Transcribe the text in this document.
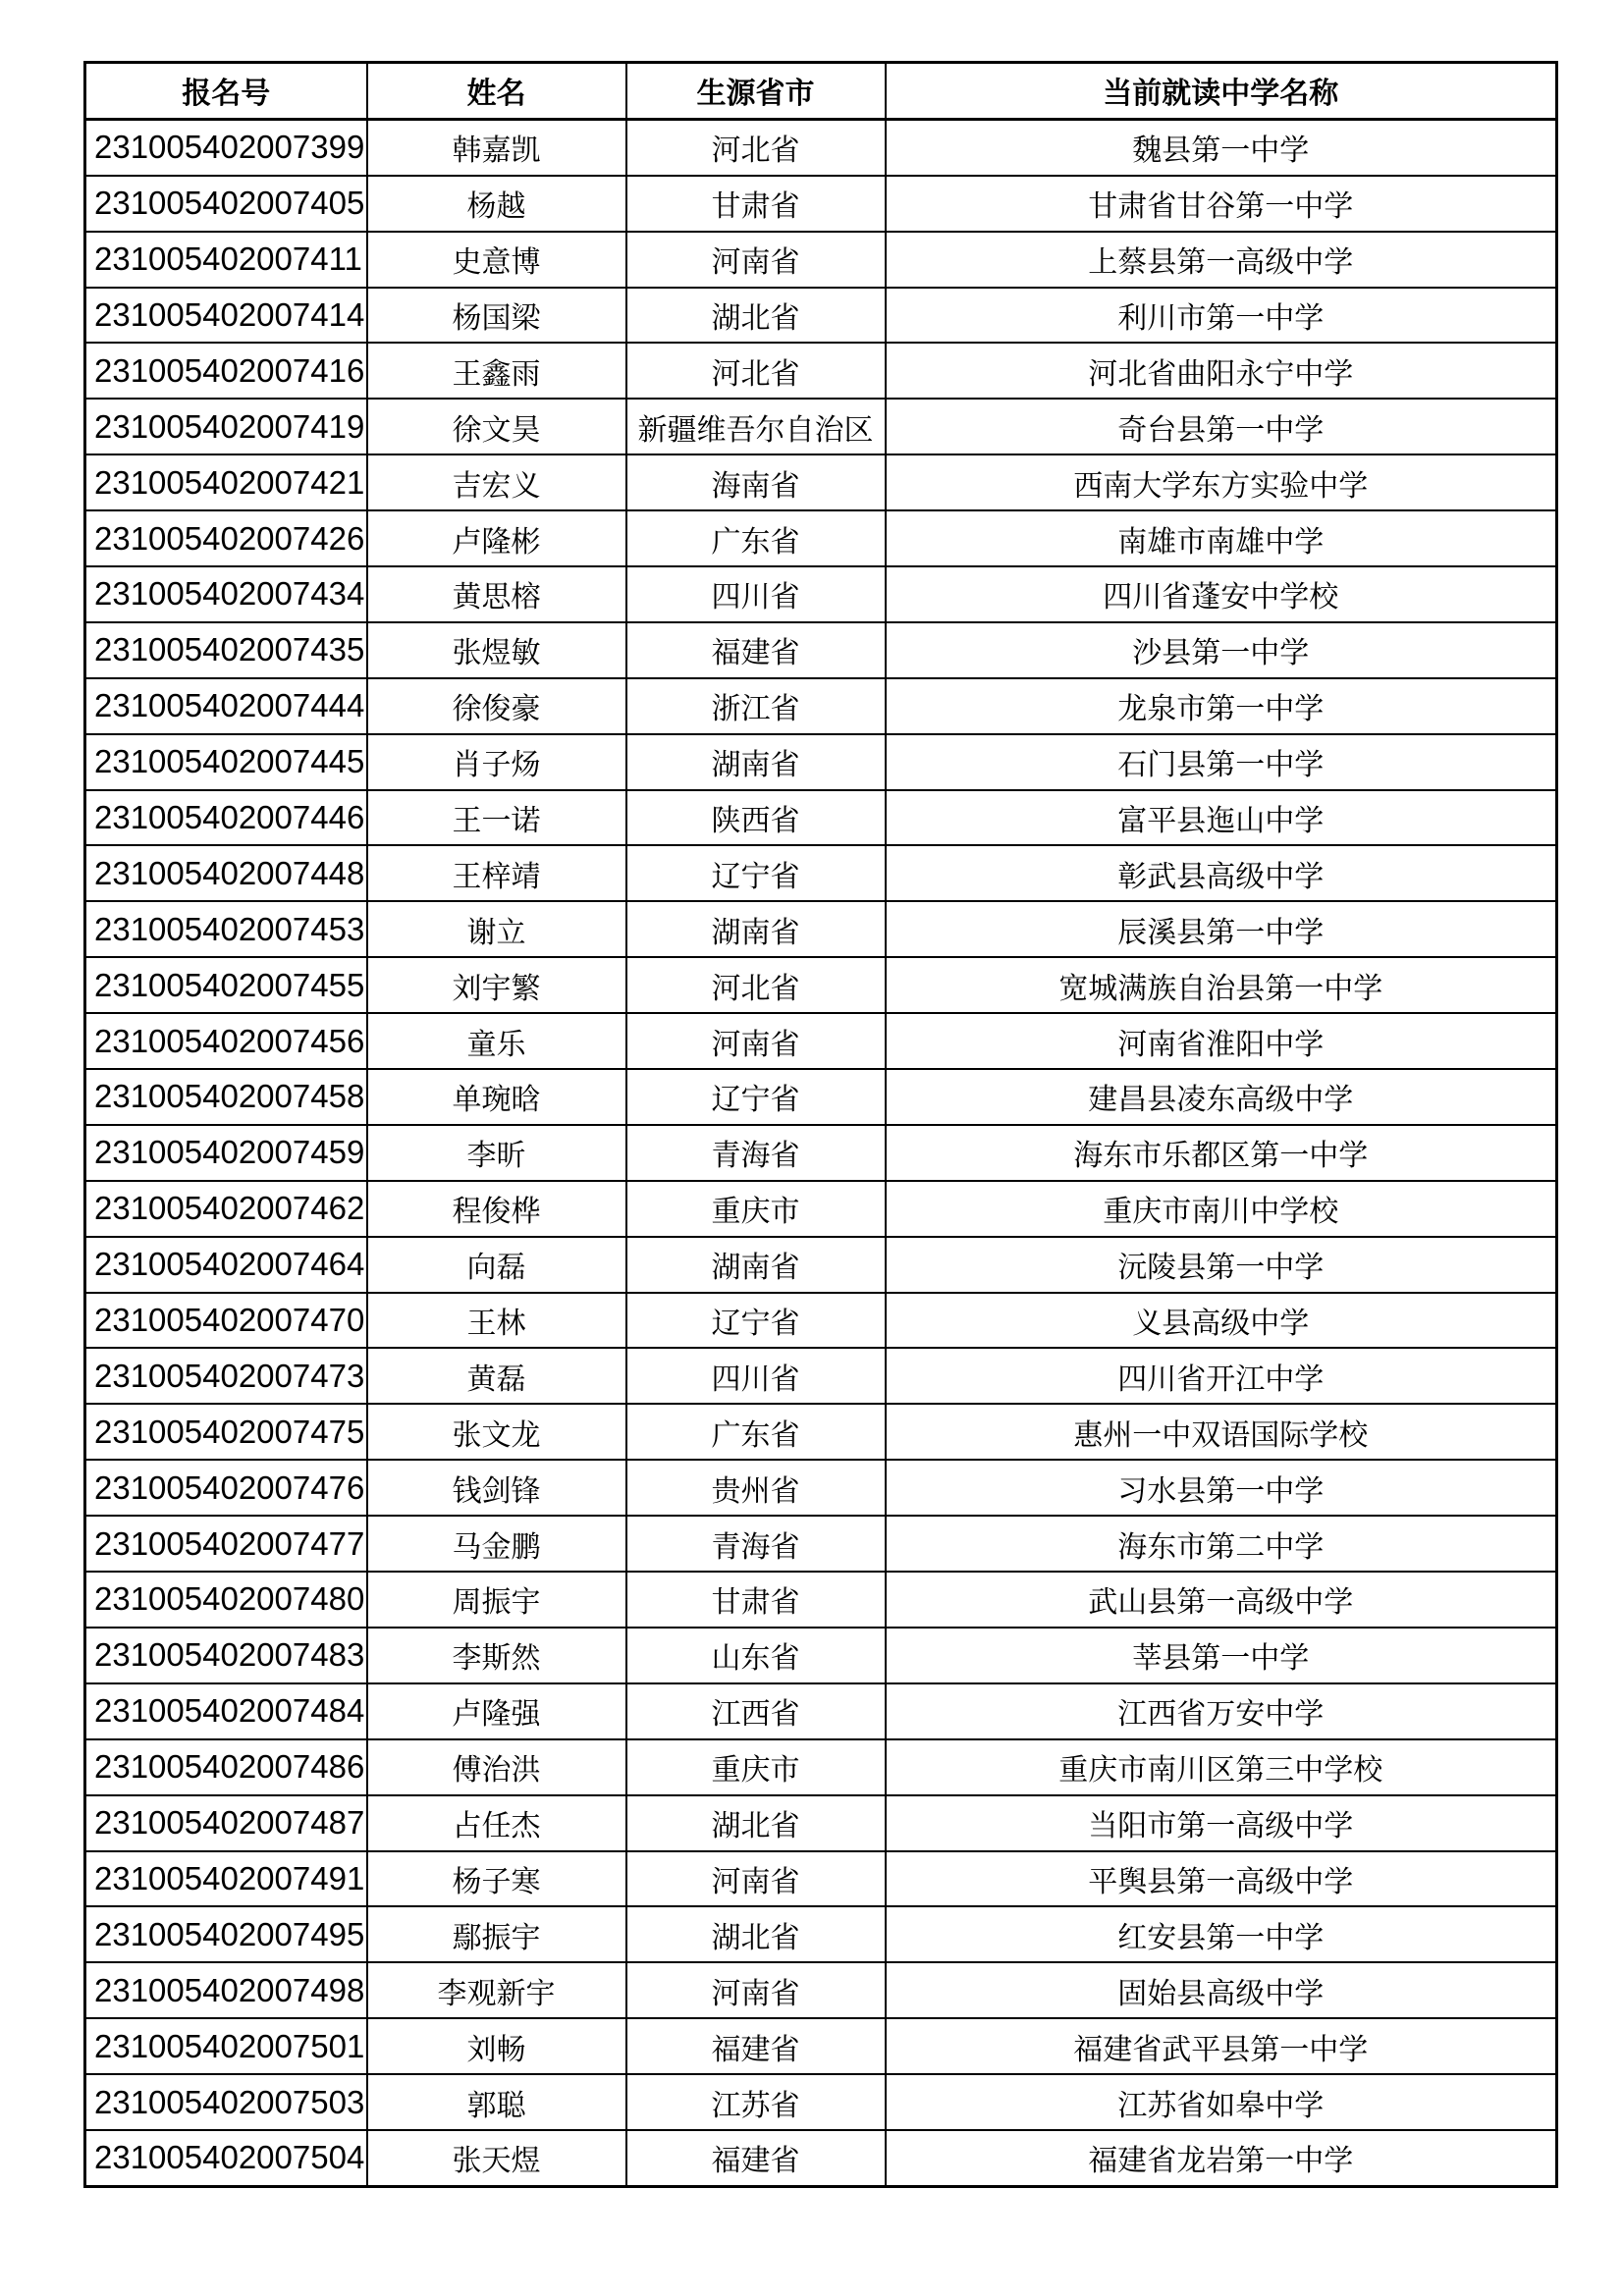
报名号	姓名	生源省市	当前就读中学名称
231005402007399	韩嘉凯	河北省	魏县第一中学
231005402007405	杨越	甘肃省	甘肃省甘谷第一中学
231005402007411	史意博	河南省	上蔡县第一高级中学
231005402007414	杨国梁	湖北省	利川市第一中学
231005402007416	王鑫雨	河北省	河北省曲阳永宁中学
231005402007419	徐文昊	新疆维吾尔自治区	奇台县第一中学
231005402007421	吉宏义	海南省	西南大学东方实验中学
231005402007426	卢隆彬	广东省	南雄市南雄中学
231005402007434	黄思榕	四川省	四川省蓬安中学校
231005402007435	张煜敏	福建省	沙县第一中学
231005402007444	徐俊豪	浙江省	龙泉市第一中学
231005402007445	肖子炀	湖南省	石门县第一中学
231005402007446	王一诺	陕西省	富平县迤山中学
231005402007448	王梓靖	辽宁省	彰武县高级中学
231005402007453	谢立	湖南省	辰溪县第一中学
231005402007455	刘宇繁	河北省	宽城满族自治县第一中学
231005402007456	童乐	河南省	河南省淮阳中学
231005402007458	单琬晗	辽宁省	建昌县凌东高级中学
231005402007459	李昕	青海省	海东市乐都区第一中学
231005402007462	程俊桦	重庆市	重庆市南川中学校
231005402007464	向磊	湖南省	沅陵县第一中学
231005402007470	王林	辽宁省	义县高级中学
231005402007473	黄磊	四川省	四川省开江中学
231005402007475	张文龙	广东省	惠州一中双语国际学校
231005402007476	钱剑锋	贵州省	习水县第一中学
231005402007477	马金鹏	青海省	海东市第二中学
231005402007480	周振宇	甘肃省	武山县第一高级中学
231005402007483	李斯然	山东省	莘县第一中学
231005402007484	卢隆强	江西省	江西省万安中学
231005402007486	傅治洪	重庆市	重庆市南川区第三中学校
231005402007487	占任杰	湖北省	当阳市第一高级中学
231005402007491	杨子寒	河南省	平舆县第一高级中学
231005402007495	鄢振宇	湖北省	红安县第一中学
231005402007498	李观新宇	河南省	固始县高级中学
231005402007501	刘畅	福建省	福建省武平县第一中学
231005402007503	郭聪	江苏省	江苏省如皋中学
231005402007504	张天煜	福建省	福建省龙岩第一中学
